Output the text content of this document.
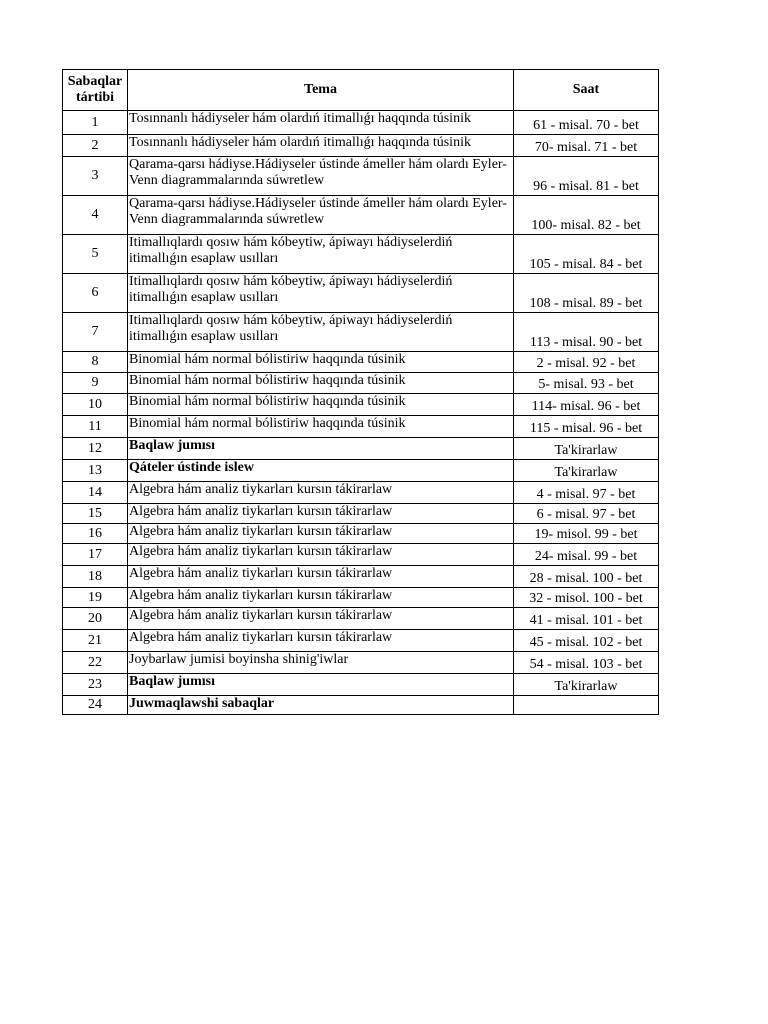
Sabaqlar tártibi	Tema	Saat
1	Tosınnanlı hádiyseler hám olardıń itimallıǵı haqqında túsinik	61 - misal. 70 - bet
2	Tosınnanlı hádiyseler hám olardıń itimallıǵı haqqında túsinik	70- misal. 71 - bet
3	Qarama-qarsı hádiyse.Hádiyseler ústinde ámeller hám olardı Eyler-Venn diagrammalarında súwretlew	96 - misal. 81 - bet
4	Qarama-qarsı hádiyse.Hádiyseler ústinde ámeller hám olardı Eyler-Venn diagrammalarında súwretlew	100- misal. 82 - bet
5	Itimallıqlardı qosıw hám kóbeytiw, ápiwayı hádiyselerdiń itimallıǵın esaplaw usılları	105 - misal. 84 - bet
6	Itimallıqlardı qosıw hám kóbeytiw, ápiwayı hádiyselerdiń itimallıǵın esaplaw usılları	108 - misal. 89 - bet
7	Itimallıqlardı qosıw hám kóbeytiw, ápiwayı hádiyselerdiń itimallıǵın esaplaw usılları	113 - misal. 90 - bet
8	Binomial hám normal bólistiriw haqqında túsinik	2 - misal. 92 - bet
9	Binomial hám normal bólistiriw haqqında túsinik	5- misal. 93 - bet
10	Binomial hám normal bólistiriw haqqında túsinik	114- misal. 96 - bet
11	Binomial hám normal bólistiriw haqqında túsinik	115 - misal. 96 - bet
12	Baqlaw jumısı	Ta'kirarlaw
13	Qáteler ústinde islew	Ta'kirarlaw
14	Algebra hám analiz tiykarları kursın tákirarlaw	4 - misal. 97 - bet
15	Algebra hám analiz tiykarları kursın tákirarlaw	6 - misal. 97 - bet
16	Algebra hám analiz tiykarları kursın tákirarlaw	19- misol. 99 - bet
17	Algebra hám analiz tiykarları kursın tákirarlaw	24- misal. 99 - bet
18	Algebra hám analiz tiykarları kursın tákirarlaw	28 - misal. 100 - bet
19	Algebra hám analiz tiykarları kursın tákirarlaw	32 - misol. 100 - bet
20	Algebra hám analiz tiykarları kursın tákirarlaw	41 - misal. 101 - bet
21	Algebra hám analiz tiykarları kursın tákirarlaw	45 - misal. 102 - bet
22	Joybarlaw jumisi boyinsha shinig'iwlar	54 - misal. 103 - bet
23	Baqlaw jumısı	Ta'kirarlaw
24	Juwmaqlawshi sabaqlar	
